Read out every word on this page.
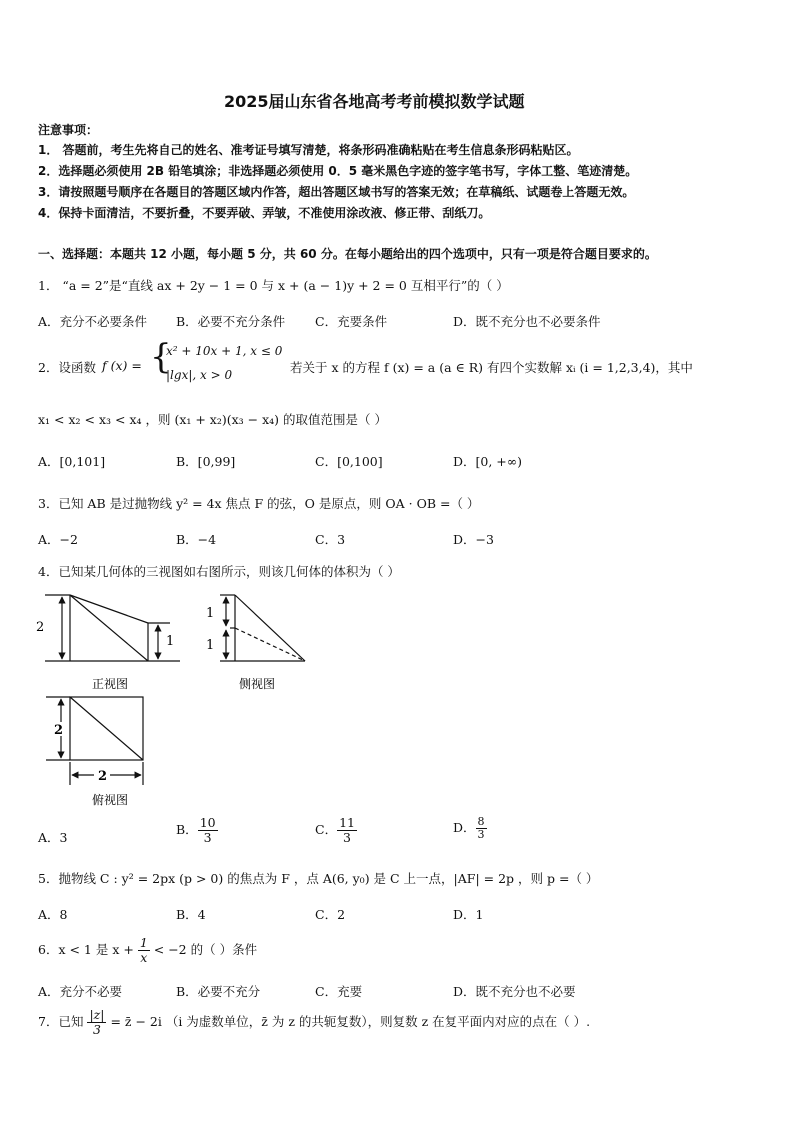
2025届山东省各地高考考前模拟数学试题
注意事项：
1． 答题前，考生先将自己的姓名、准考证号填写清楚，将条形码准确粘贴在考生信息条形码粘贴区。
2．选择题必须使用 2B 铅笔填涂；非选择题必须使用 0．5 毫米黑色字迹的签字笔书写，字体工整、笔迹清楚。
3．请按照题号顺序在各题目的答题区域内作答，超出答题区域书写的答案无效；在草稿纸、试题卷上答题无效。
4．保持卡面清洁，不要折叠，不要弄破、弄皱，不准使用涂改液、修正带、刮纸刀。
一、选择题：本题共 12 小题，每小题 5 分，共 60 分。在每小题给出的四个选项中，只有一项是符合题目要求的。
1． “a = 2”是“直线 ax + 2y − 1 = 0 与 x + (a − 1)y + 2 = 0 互相平行”的（ ）
A．充分不必要条件 B．必要不充分条件 C．充要条件	D．既不充分也不必要条件
2．设函数 f (x) = {
x² + 10x + 1, x ≤ 0
|lgx|, x > 0	若关于 x 的方程 f (x) = a (a ∈ R) 有四个实数解 xᵢ (i = 1,2,3,4)，其中
x₁ < x₂ < x₃ < x₄ ，则 (x₁ + x₂)(x₃ − x₄) 的取值范围是（ ）
A．[0,101]	B．[0,99]	C．[0,100]	D．[0, +∞)
3．已知 AB 是过抛物线 y² = 4x 焦点 F 的弦，O 是原点，则 OA · OB =（ ）
A．−2	B．−4	C．3	D．−3
4．已知某几何体的三视图如右图所示，则该几何体的体积为（ ）
2
1
正视图
1
1
侧视图
2
2
俯视图
A．3
B． $\frac{10}{3}$	C． $\frac{11}{3}$	D． $\frac{8}{3}$
5．抛物线 C : y² = 2px (p > 0) 的焦点为 F ，点 A(6, y₀) 是 C 上一点，|AF| = 2p ，则 p =（ ）
A．8	B．4	C．2	D．1
6．x < 1 是 $x + \frac{1}{x} < -2$ 的（ ）条件
A．充分不必要	B．必要不充分	C．充要	D．既不充分也不必要
7．已知 $\frac{|z|}{3}$ = z̄ − 2i （i 为虚数单位，z̄ 为 z 的共轭复数），则复数 z 在复平面内对应的点在（ ）.
